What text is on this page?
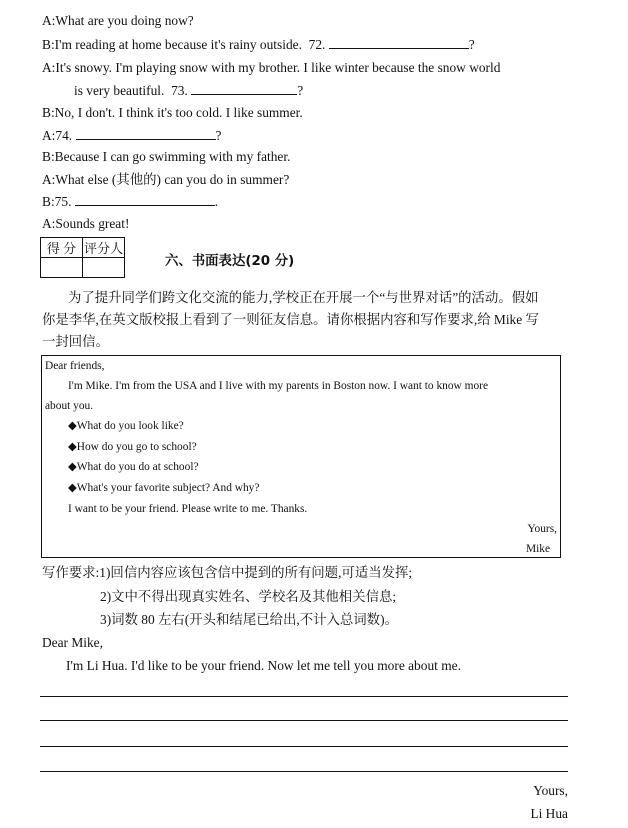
A:What are you doing now?
B:I'm reading at home because it's rainy outside. 72.	?
A:It's snowy. I'm playing snow with my brother. I like winter because the snow world
is very beautiful. 73.	?
B:No, I don't. I think it's too cold. I like summer.
A:74.	?
B:Because I can go swimming with my father.
A:What else (其他的) can you do in summer?
B:75.	.
A:Sounds great!
得 分	评分人

六、书面表达(20 分)
为了提升同学们跨文化交流的能力,学校正在开展一个“与世界对话”的活动。假如
你是李华,在英文版校报上看到了一则征友信息。请你根据内容和写作要求,给 Mike 写
一封回信。
Dear friends,
I'm Mike. I'm from the USA and I live with my parents in Boston now. I want to know more
about you.
◆What do you look like?
◆How do you go to school?
◆What do you do at school?
◆What's your favorite subject? And why?
I want to be your friend. Please write to me. Thanks.
Yours,
Mike
写作要求:1)回信内容应该包含信中提到的所有问题,可适当发挥;
2)文中不得出现真实姓名、学校名及其他相关信息;
3)词数 80 左右(开头和结尾已给出,不计入总词数)。
Dear Mike,
I'm Li Hua. I'd like to be your friend. Now let me tell you more about me.
Yours,
Li Hua
